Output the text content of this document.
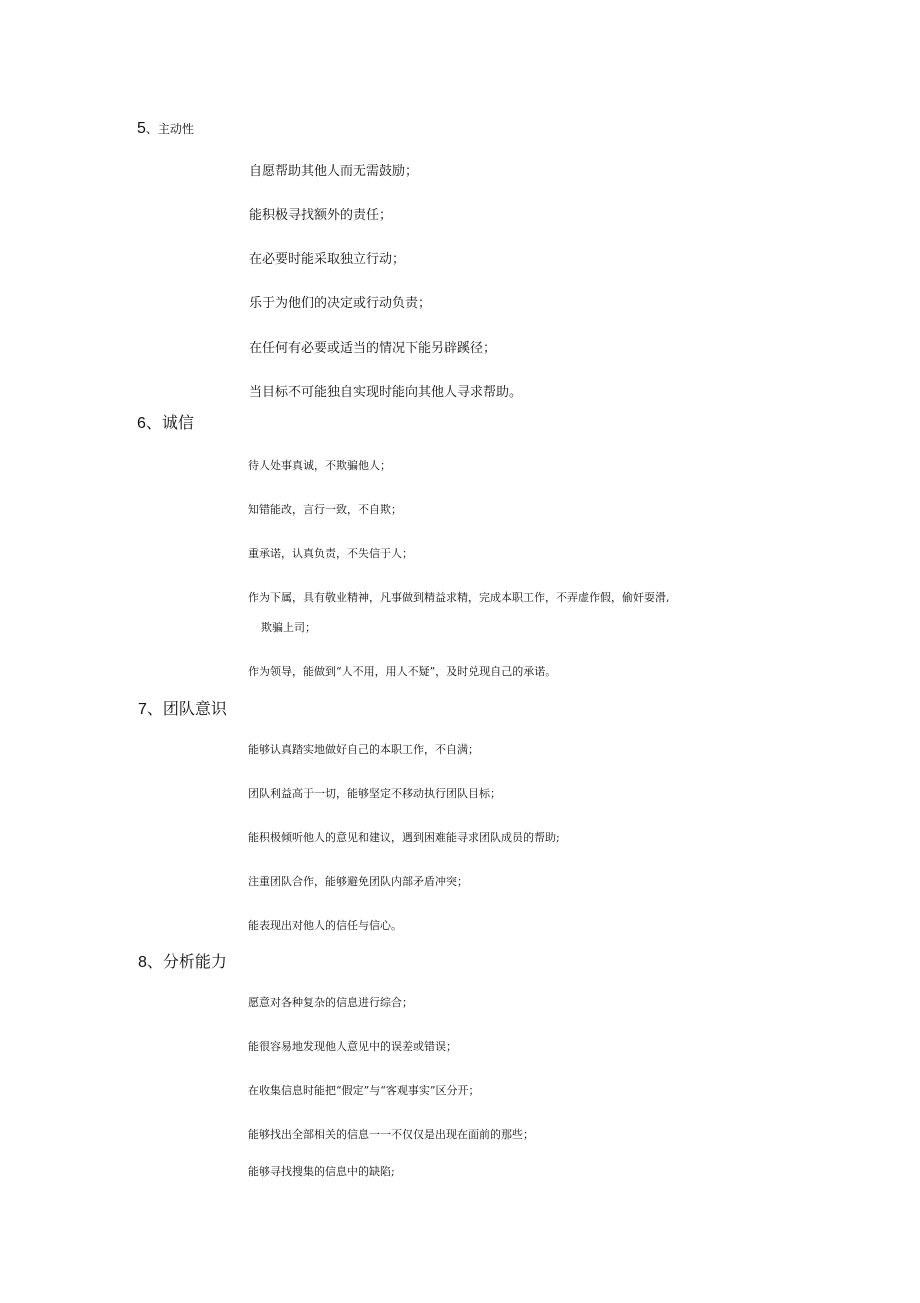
5、主动性
自愿帮助其他人而无需鼓励；
能积极寻找额外的责任；
在必要时能采取独立行动；
乐于为他们的决定或行动负责；
在任何有必要或适当的情况下能另辟蹊径；
当目标不可能独自实现时能向其他人寻求帮助。
6、诚信
待人处事真诚，不欺骗他人；
知错能改，言行一致，不自欺；
重承诺，认真负责，不失信于人；
作为下属，具有敬业精神，凡事做到精益求精，完成本职工作，不弄虚作假，偷奸耍滑,
欺骗上司；
作为领导，能做到“人不用，用人不疑”，及时兑现自己的承诺。
7、团队意识
能够认真踏实地做好自己的本职工作，不自满；
团队利益高于一切，能够坚定不移动执行团队目标；
能积极倾听他人的意见和建议，遇到困难能寻求团队成员的帮助;
注重团队合作，能够避免团队内部矛盾冲突；
能表现出对他人的信任与信心。
8、分析能力
愿意对各种复杂的信息进行综合；
能很容易地发现他人意见中的误差或错误；
在收集信息时能把“假定”与“客观事实”区分开；
能够找出全部相关的信息一一不仅仅是出现在面前的那些；
能够寻找搜集的信息中的缺陷;
